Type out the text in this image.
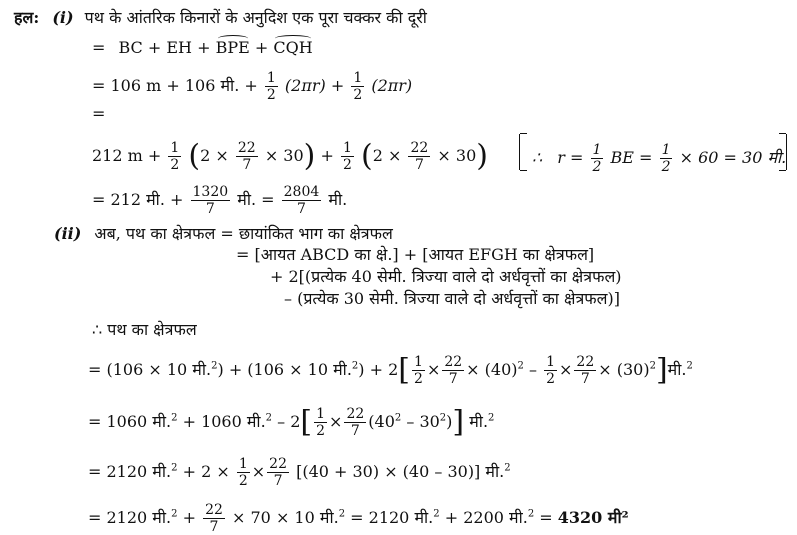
हल: (i) पथ के आंतरिक किनारों के अनुदिश एक पूरा चक्कर की दूरी
= BC + EH + BPE + CQH
= 106 m + 106 मी. + $\frac{1}{2} (2\pi r) + \frac{1}{2} (2\pi r)$
=
212 $m + \frac{1}{2} (2 \times \frac{22}{7} \times 30) + \frac{1}{2} (2 \times \frac{22}{7} \times 30)$	∴ $r = \frac{1}{2}$ BE = $\frac{1}{2} \times 60 = 30$ मी.
= 212 मी. + $\frac{1320}{7}$ मी. = $\frac{2804}{7}$ मी.
(ii) अब, पथ का क्षेत्रफल = छायांकित भाग का क्षेत्रफल
= [आयत ABCD का क्षे.] + [आयत EFGH का क्षेत्रफल]
+ 2[(प्रत्येक 40 सेमी. त्रिज्या वाले दो अर्धवृत्तों का क्षेत्रफल)
– (प्रत्येक 30 सेमी. त्रिज्या वाले दो अर्धवृत्तों का क्षेत्रफल)]
∴ पथ का क्षेत्रफल
= (106 × 10 मी.$^2$) + (106 × 10 मी.$^2$) + $2[ \frac{1}{2} \times \frac{22}{7} \times (40)^2 - \frac{1}{2} \times \frac{22}{7}$ × $(30)^2]मी.^2$
= 1060 मी.$^2$ + 1060 मी.$^2$ – $2[ \frac{1}{2} \times \frac{22}{7} (40^2 - 30^2)]$ मी.$^2$
= 2120 मी.$^2$ + $2 \times \frac{1}{2} \times \frac{22}{7} [(40 + 30) \times (40 - 30)]$ मी.$^2$
= 2120 मी.$^2$ + $\frac{22}{7} \times 70 \times 10$ मी.$^2$ = 2120 मी.$^2$ + 2200 मी.$^2$ = 4320 मी²
